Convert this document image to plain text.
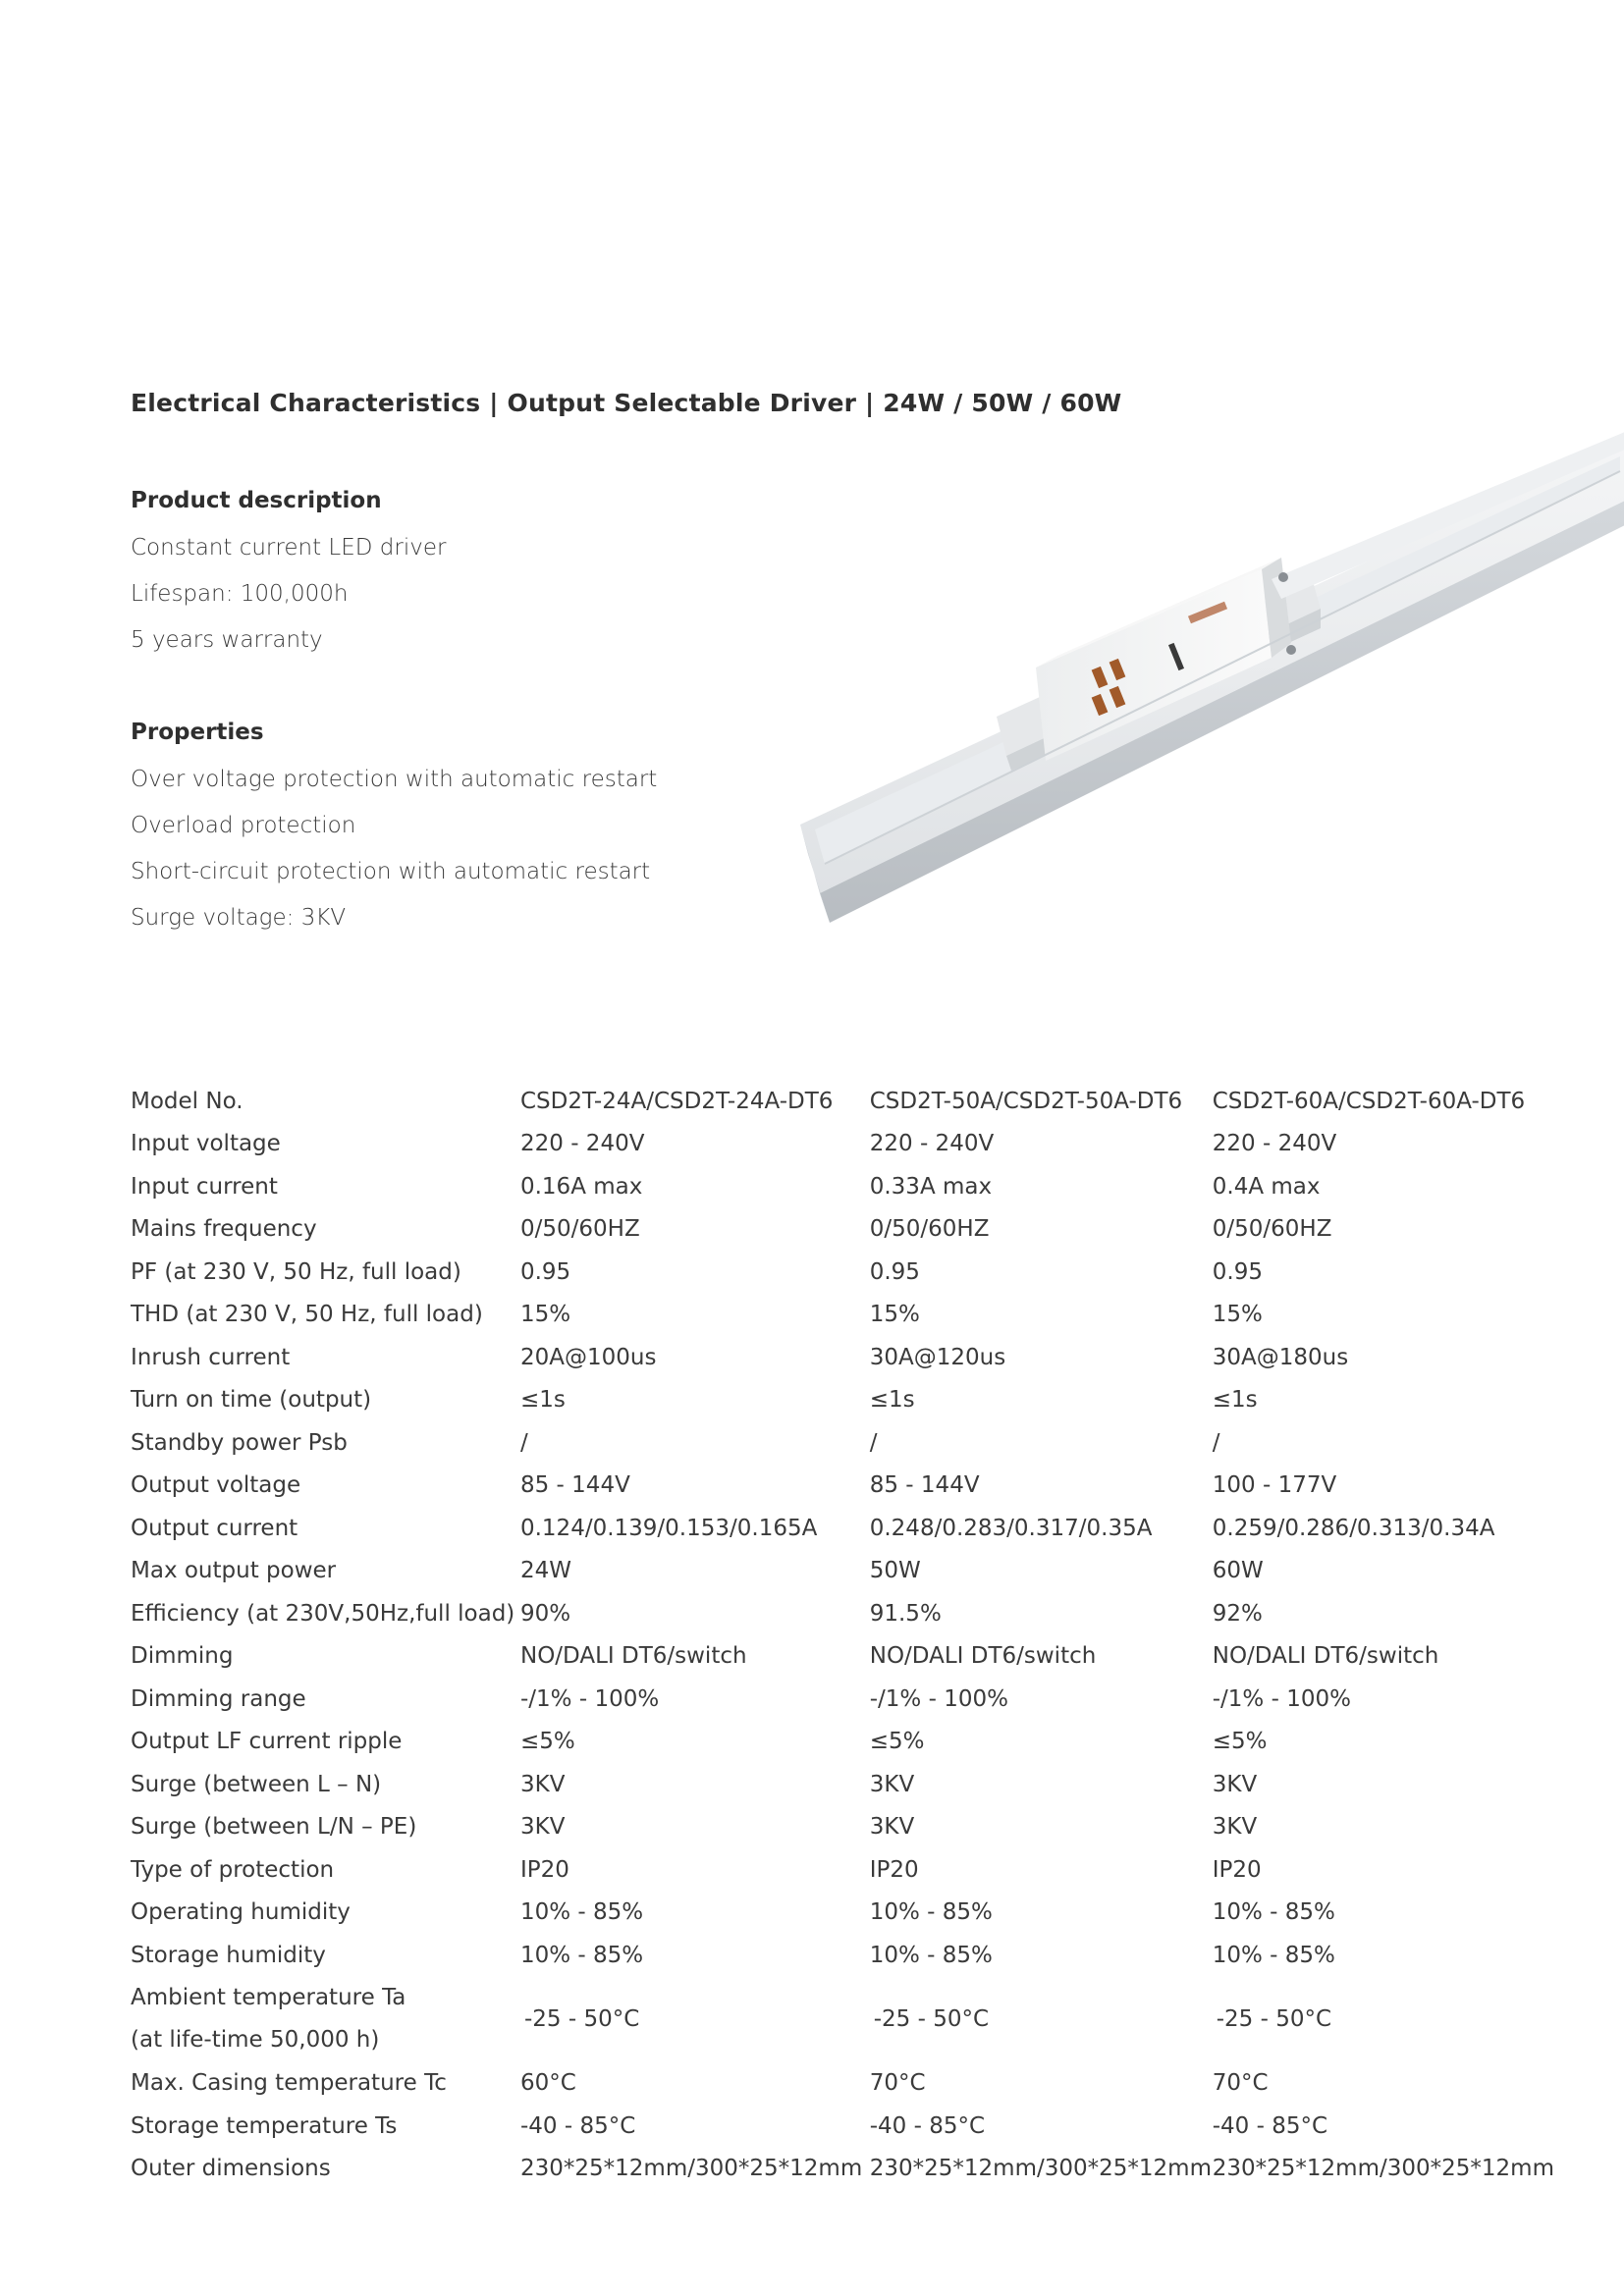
Electrical Characteristics | Output Selectable Driver | 24W / 50W / 60W
Product description
Constant current LED driver
Lifespan: 100,000h
5 years warranty
Properties
Over voltage protection with automatic restart
Overload protection
Short-circuit protection with automatic restart
Surge voltage: 3KV
Model No.	CSD2T-24A/CSD2T-24A-DT6	CSD2T-50A/CSD2T-50A-DT6	CSD2T-60A/CSD2T-60A-DT6
Input voltage	220 - 240V	220 - 240V	220 - 240V
Input current	0.16A max	0.33A max	0.4A max
Mains frequency	0/50/60HZ	0/50/60HZ	0/50/60HZ
PF (at 230 V, 50 Hz, full load)	0.95	0.95	0.95
THD (at 230 V, 50 Hz, full load)	15%	15%	15%
Inrush current	20A@100us	30A@120us	30A@180us
Turn on time (output)	≤1s	≤1s	≤1s
Standby power Psb	/	/	/
Output voltage	85 - 144V	85 - 144V	100 - 177V
Output current	0.124/0.139/0.153/0.165A	0.248/0.283/0.317/0.35A	0.259/0.286/0.313/0.34A
Max output power	24W	50W	60W
Efficiency (at 230V,50Hz,full load)	90%	91.5%	92%
Dimming	NO/DALI DT6/switch	NO/DALI DT6/switch	NO/DALI DT6/switch
Dimming range	-/1% - 100%	-/1% - 100%	-/1% - 100%
Output LF current ripple	≤5%	≤5%	≤5%
Surge (between L – N)	3KV	3KV	3KV
Surge (between L/N – PE)	3KV	3KV	3KV
Type of protection	IP20	IP20	IP20
Operating humidity	10% - 85%	10% - 85%	10% - 85%
Storage humidity	10% - 85%	10% - 85%	10% - 85%

Ambient temperature Ta
(at life-time 50,000 h)	-25 - 50°C	-25 - 50°C	-25 - 50°C
Max. Casing temperature Tc	60°C	70°C	70°C
Storage temperature Ts	-40 - 85°C	-40 - 85°C	-40 - 85°C
Outer dimensions	230*25*12mm/300*25*12mm	230*25*12mm/300*25*12mm	230*25*12mm/300*25*12mm
